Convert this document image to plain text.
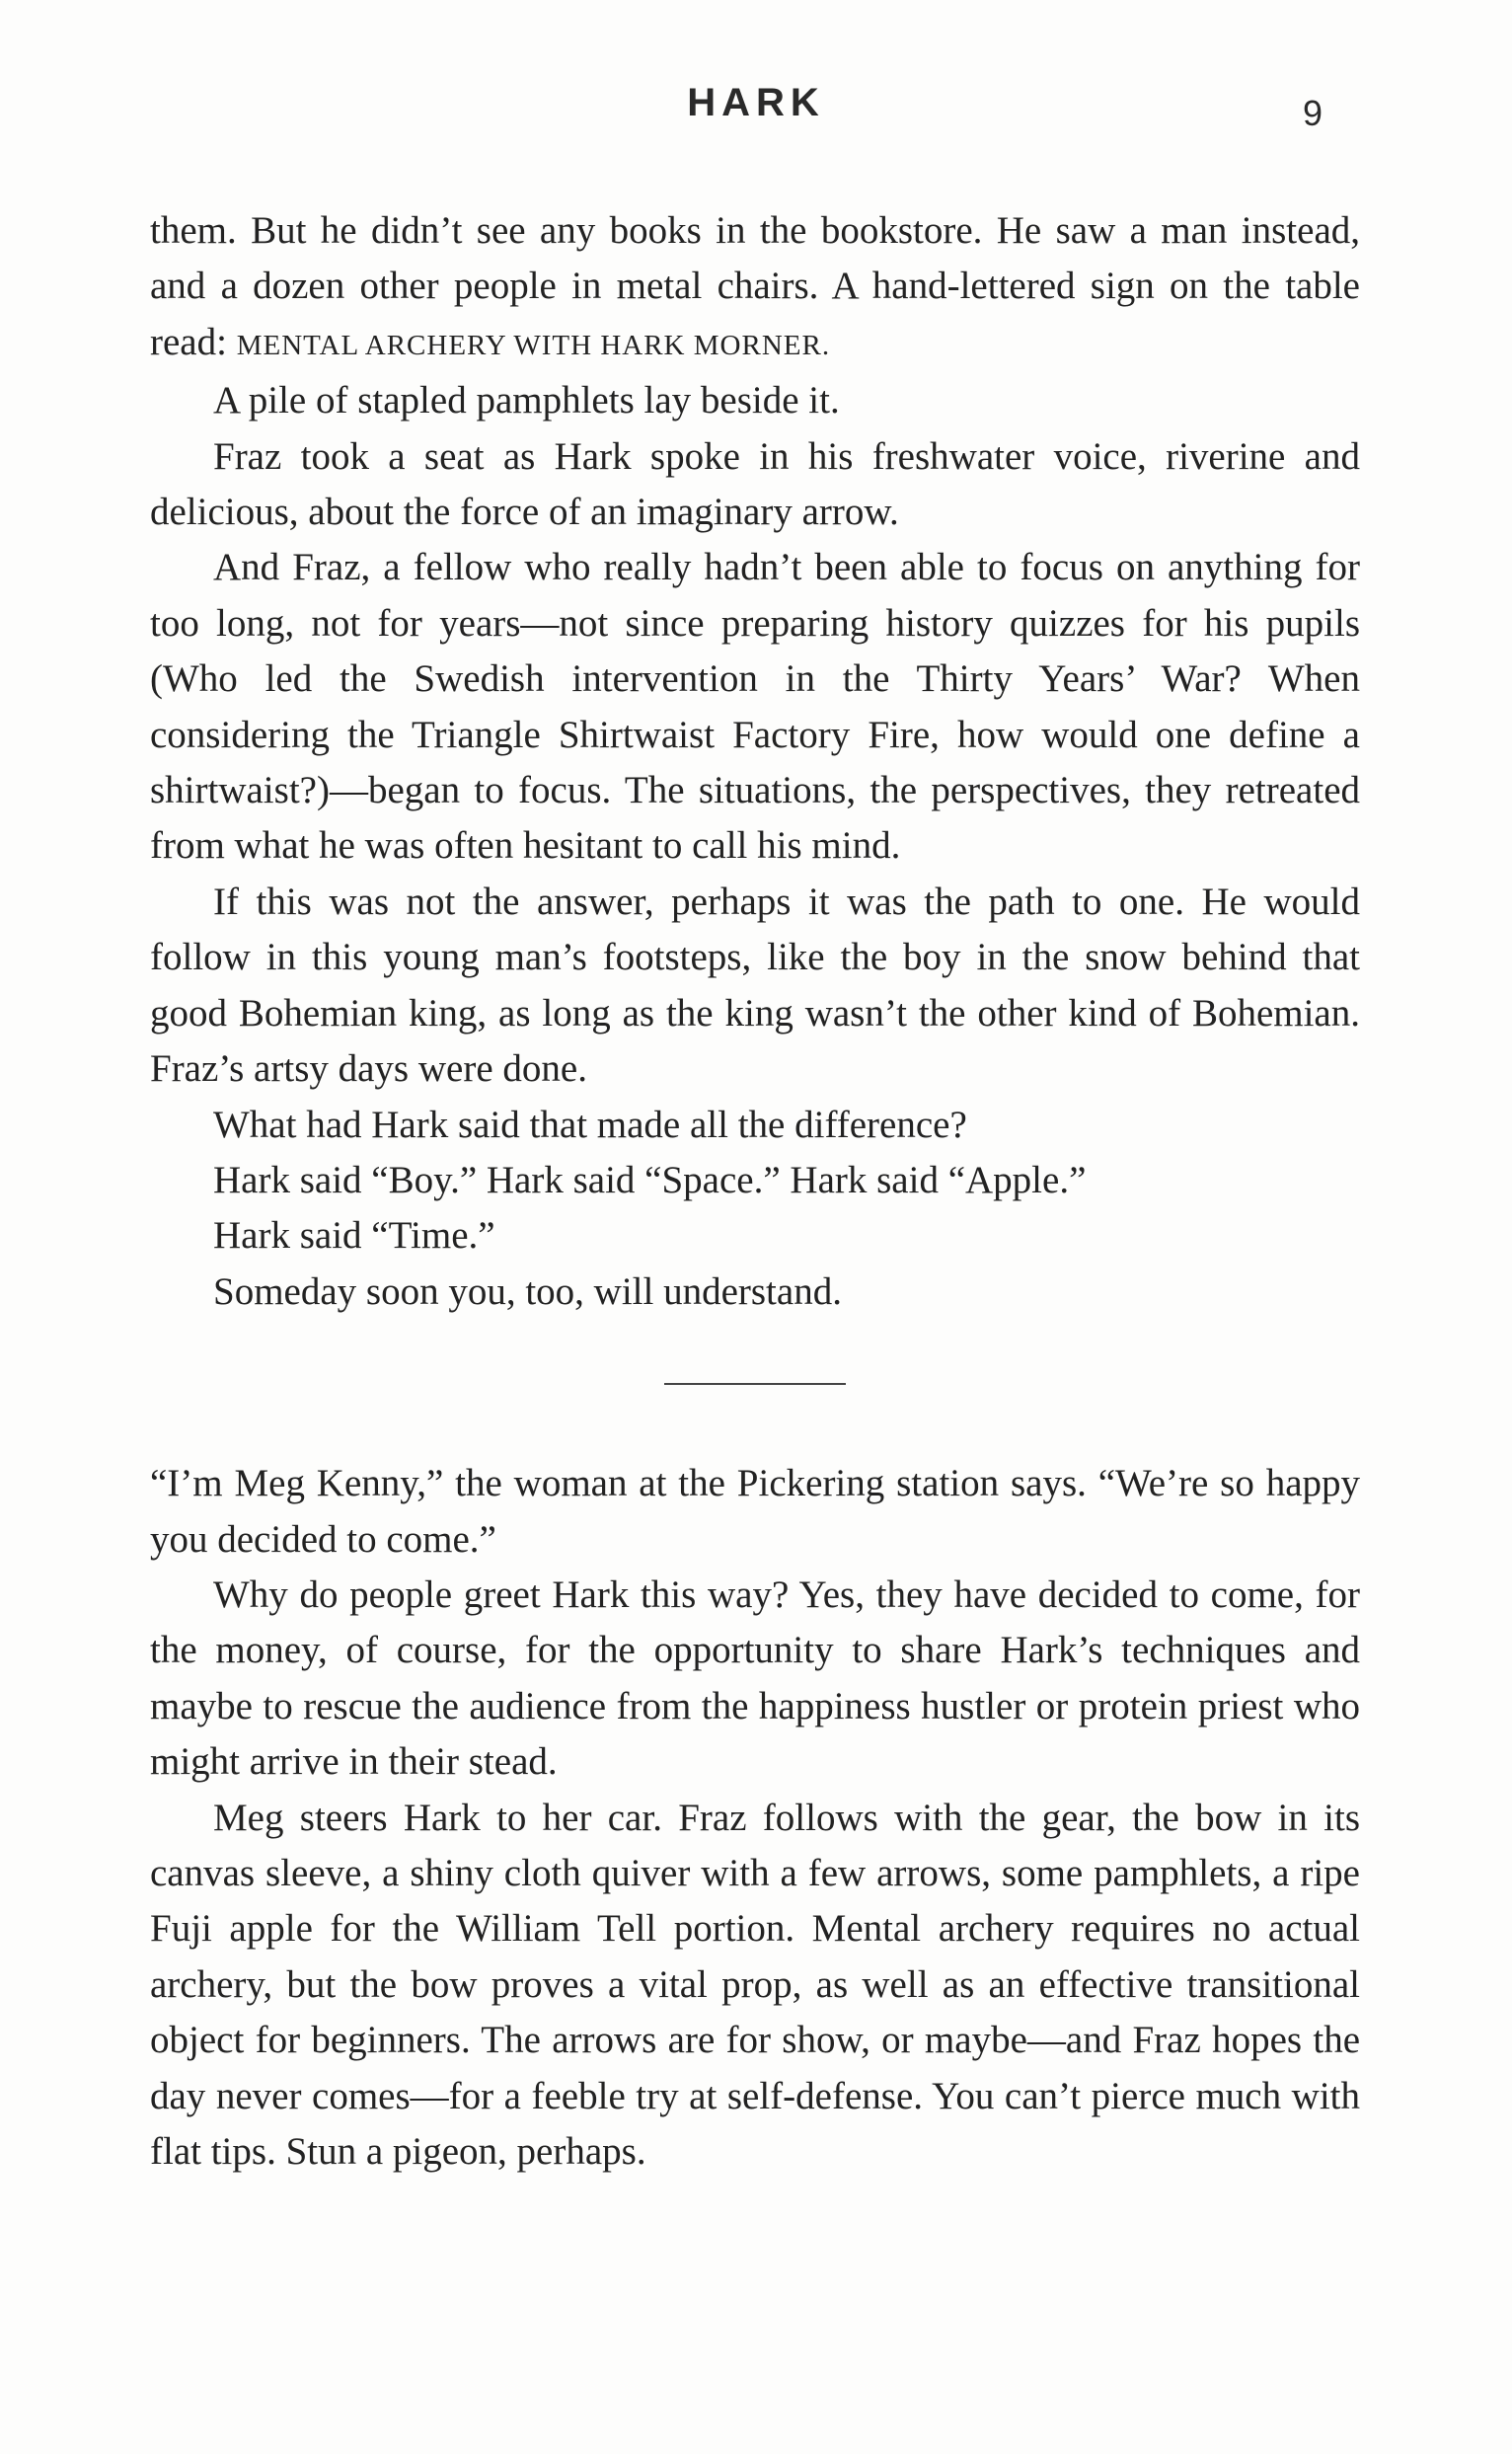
HARK	9

them. But he didn’t see any books in the bookstore. He saw a man instead, and a dozen other people in metal chairs. A hand-lettered sign on the table read: MENTAL ARCHERY WITH HARK MORNER.

A pile of stapled pamphlets lay beside it.

Fraz took a seat as Hark spoke in his freshwater voice, riverine and delicious, about the force of an imaginary arrow.

And Fraz, a fellow who really hadn’t been able to focus on anything for too long, not for years—not since preparing history quizzes for his pupils (Who led the Swedish intervention in the Thirty Years’ War? When considering the Triangle Shirtwaist Factory Fire, how would one define a shirtwaist?)—began to focus. The situations, the perspectives, they retreated from what he was often hesitant to call his mind.

If this was not the answer, perhaps it was the path to one. He would follow in this young man’s footsteps, like the boy in the snow behind that good Bohemian king, as long as the king wasn’t the other kind of Bohemian. Fraz’s artsy days were done.

What had Hark said that made all the difference?

Hark said “Boy.” Hark said “Space.” Hark said “Apple.”

Hark said “Time.”

Someday soon you, too, will understand.

“I’m Meg Kenny,” the woman at the Pickering station says. “We’re so happy you decided to come.”

Why do people greet Hark this way? Yes, they have decided to come, for the money, of course, for the opportunity to share Hark’s techniques and maybe to rescue the audience from the happiness hustler or protein priest who might arrive in their stead.

Meg steers Hark to her car. Fraz follows with the gear, the bow in its canvas sleeve, a shiny cloth quiver with a few arrows, some pamphlets, a ripe Fuji apple for the William Tell portion. Mental archery requires no actual archery, but the bow proves a vital prop, as well as an effective transitional object for beginners. The arrows are for show, or maybe—and Fraz hopes the day never comes—for a feeble try at self-defense. You can’t pierce much with flat tips. Stun a pigeon, perhaps.
